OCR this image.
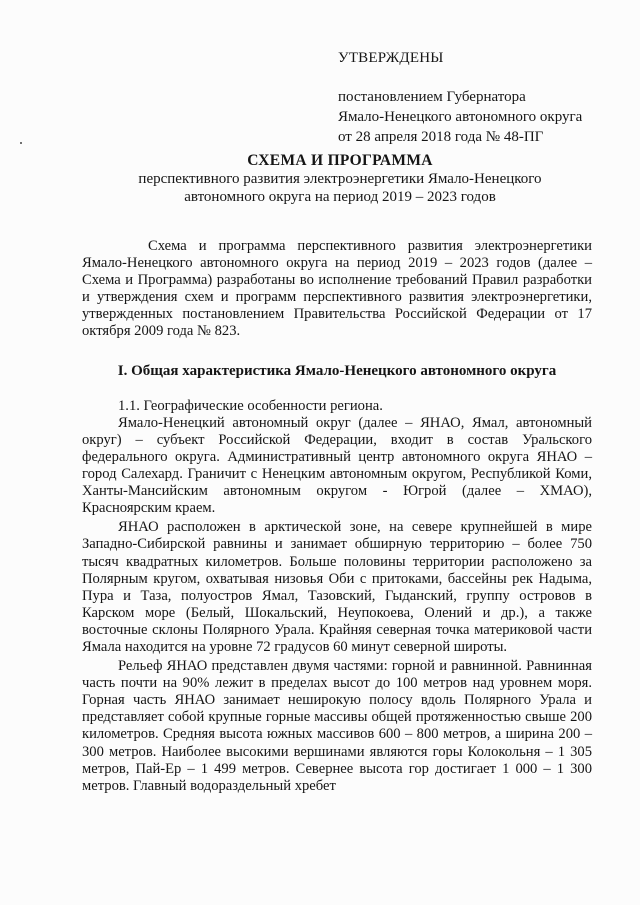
УТВЕРЖДЕНЫ
постановлением Губернатора
Ямало-Ненецкого автономного округа
от 28 апреля 2018 года № 48-ПГ
СХЕМА И ПРОГРАММА
перспективного развития электроэнергетики Ямало-Ненецкого
автономного округа на период 2019 – 2023 годов

Схема и программа перспективного развития электроэнергетики Ямало-Ненецкого автономного округа на период 2019 – 2023 годов (далее – Схема и Программа) разработаны во исполнение требований Правил разработки и утверждения схем и программ перспективного развития электроэнергетики, утвержденных постановлением Правительства Российской Федерации от 17 октября 2009 года № 823.

I. Общая характеристика Ямало-Ненецкого автономного округа

1.1. Географические особенности региона.

Ямало-Ненецкий автономный округ (далее – ЯНАО, Ямал, автономный округ) – субъект Российской Федерации, входит в состав Уральского федерального округа. Административный центр автономного округа ЯНАО – город Салехард. Граничит с Ненецким автономным округом, Республикой Коми, Ханты-Мансийским автономным округом - Югрой (далее – ХМАО), Красноярским краем.

ЯНАО расположен в арктической зоне, на севере крупнейшей в мире Западно-Сибирской равнины и занимает обширную территорию – более 750 тысяч квадратных километров. Больше половины территории расположено за Полярным кругом, охватывая низовья Оби с притоками, бассейны рек Надыма, Пура и Таза, полуостров Ямал, Тазовский, Гыданский, группу островов в Карском море (Белый, Шокальский, Неупокоева, Олений и др.), а также восточные склоны Полярного Урала. Крайняя северная точка материковой части Ямала находится на уровне 72 градусов 60 минут северной широты.

Рельеф ЯНАО представлен двумя частями: горной и равнинной. Равнинная часть почти на 90% лежит в пределах высот до 100 метров над уровнем моря. Горная часть ЯНАО занимает неширокую полосу вдоль Полярного Урала и представляет собой крупные горные массивы общей протяженностью свыше 200 километров. Средняя высота южных массивов 600 – 800 метров, а ширина 200 – 300 метров. Наиболее высокими вершинами являются горы Колокольня – 1 305 метров, Пай-Ер – 1 499 метров. Севернее высота гор достигает 1 000 – 1 300 метров. Главный водораздельный хребет
